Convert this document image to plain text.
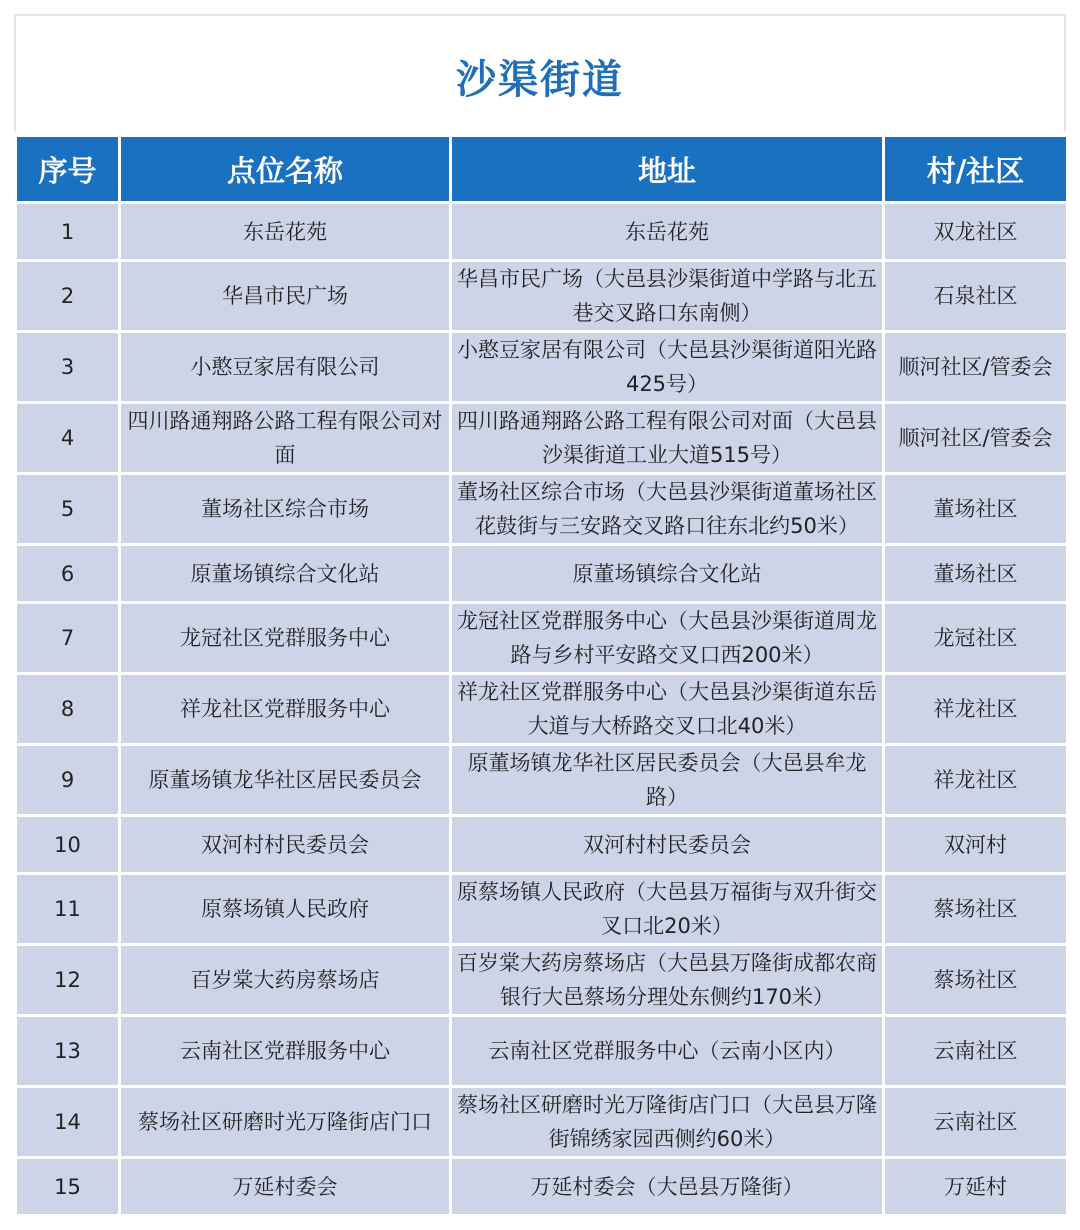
沙渠街道
序号	点位名称	地址	村/社区
1	东岳花苑	东岳花苑	双龙社区
2	华昌市民广场	华昌市民广场（大邑县沙渠街道中学路与北五巷交叉路口东南侧）	石泉社区
3	小憨豆家居有限公司	小憨豆家居有限公司（大邑县沙渠街道阳光路425号）	顺河社区/管委会
4	四川路通翔路公路工程有限公司对面	四川路通翔路公路工程有限公司对面（大邑县沙渠街道工业大道515号）	顺河社区/管委会
5	董场社区综合市场	董场社区综合市场（大邑县沙渠街道董场社区花鼓街与三安路交叉路口往东北约50米）	董场社区
6	原董场镇综合文化站	原董场镇综合文化站	董场社区
7	龙冠社区党群服务中心	龙冠社区党群服务中心（大邑县沙渠街道周龙路与乡村平安路交叉口西200米）	龙冠社区
8	祥龙社区党群服务中心	祥龙社区党群服务中心（大邑县沙渠街道东岳大道与大桥路交叉口北40米）	祥龙社区
9	原董场镇龙华社区居民委员会	原董场镇龙华社区居民委员会（大邑县牟龙路）	祥龙社区
10	双河村村民委员会	双河村村民委员会	双河村
11	原蔡场镇人民政府	原蔡场镇人民政府（大邑县万福街与双升街交叉口北20米）	蔡场社区
12	百岁棠大药房蔡场店	百岁棠大药房蔡场店（大邑县万隆街成都农商银行大邑蔡场分理处东侧约170米）	蔡场社区
13	云南社区党群服务中心	云南社区党群服务中心（云南小区内）	云南社区
14	蔡场社区研磨时光万隆街店门口	蔡场社区研磨时光万隆街店门口（大邑县万隆街锦绣家园西侧约60米）	云南社区
15	万延村委会	万延村委会（大邑县万隆街）	万延村
